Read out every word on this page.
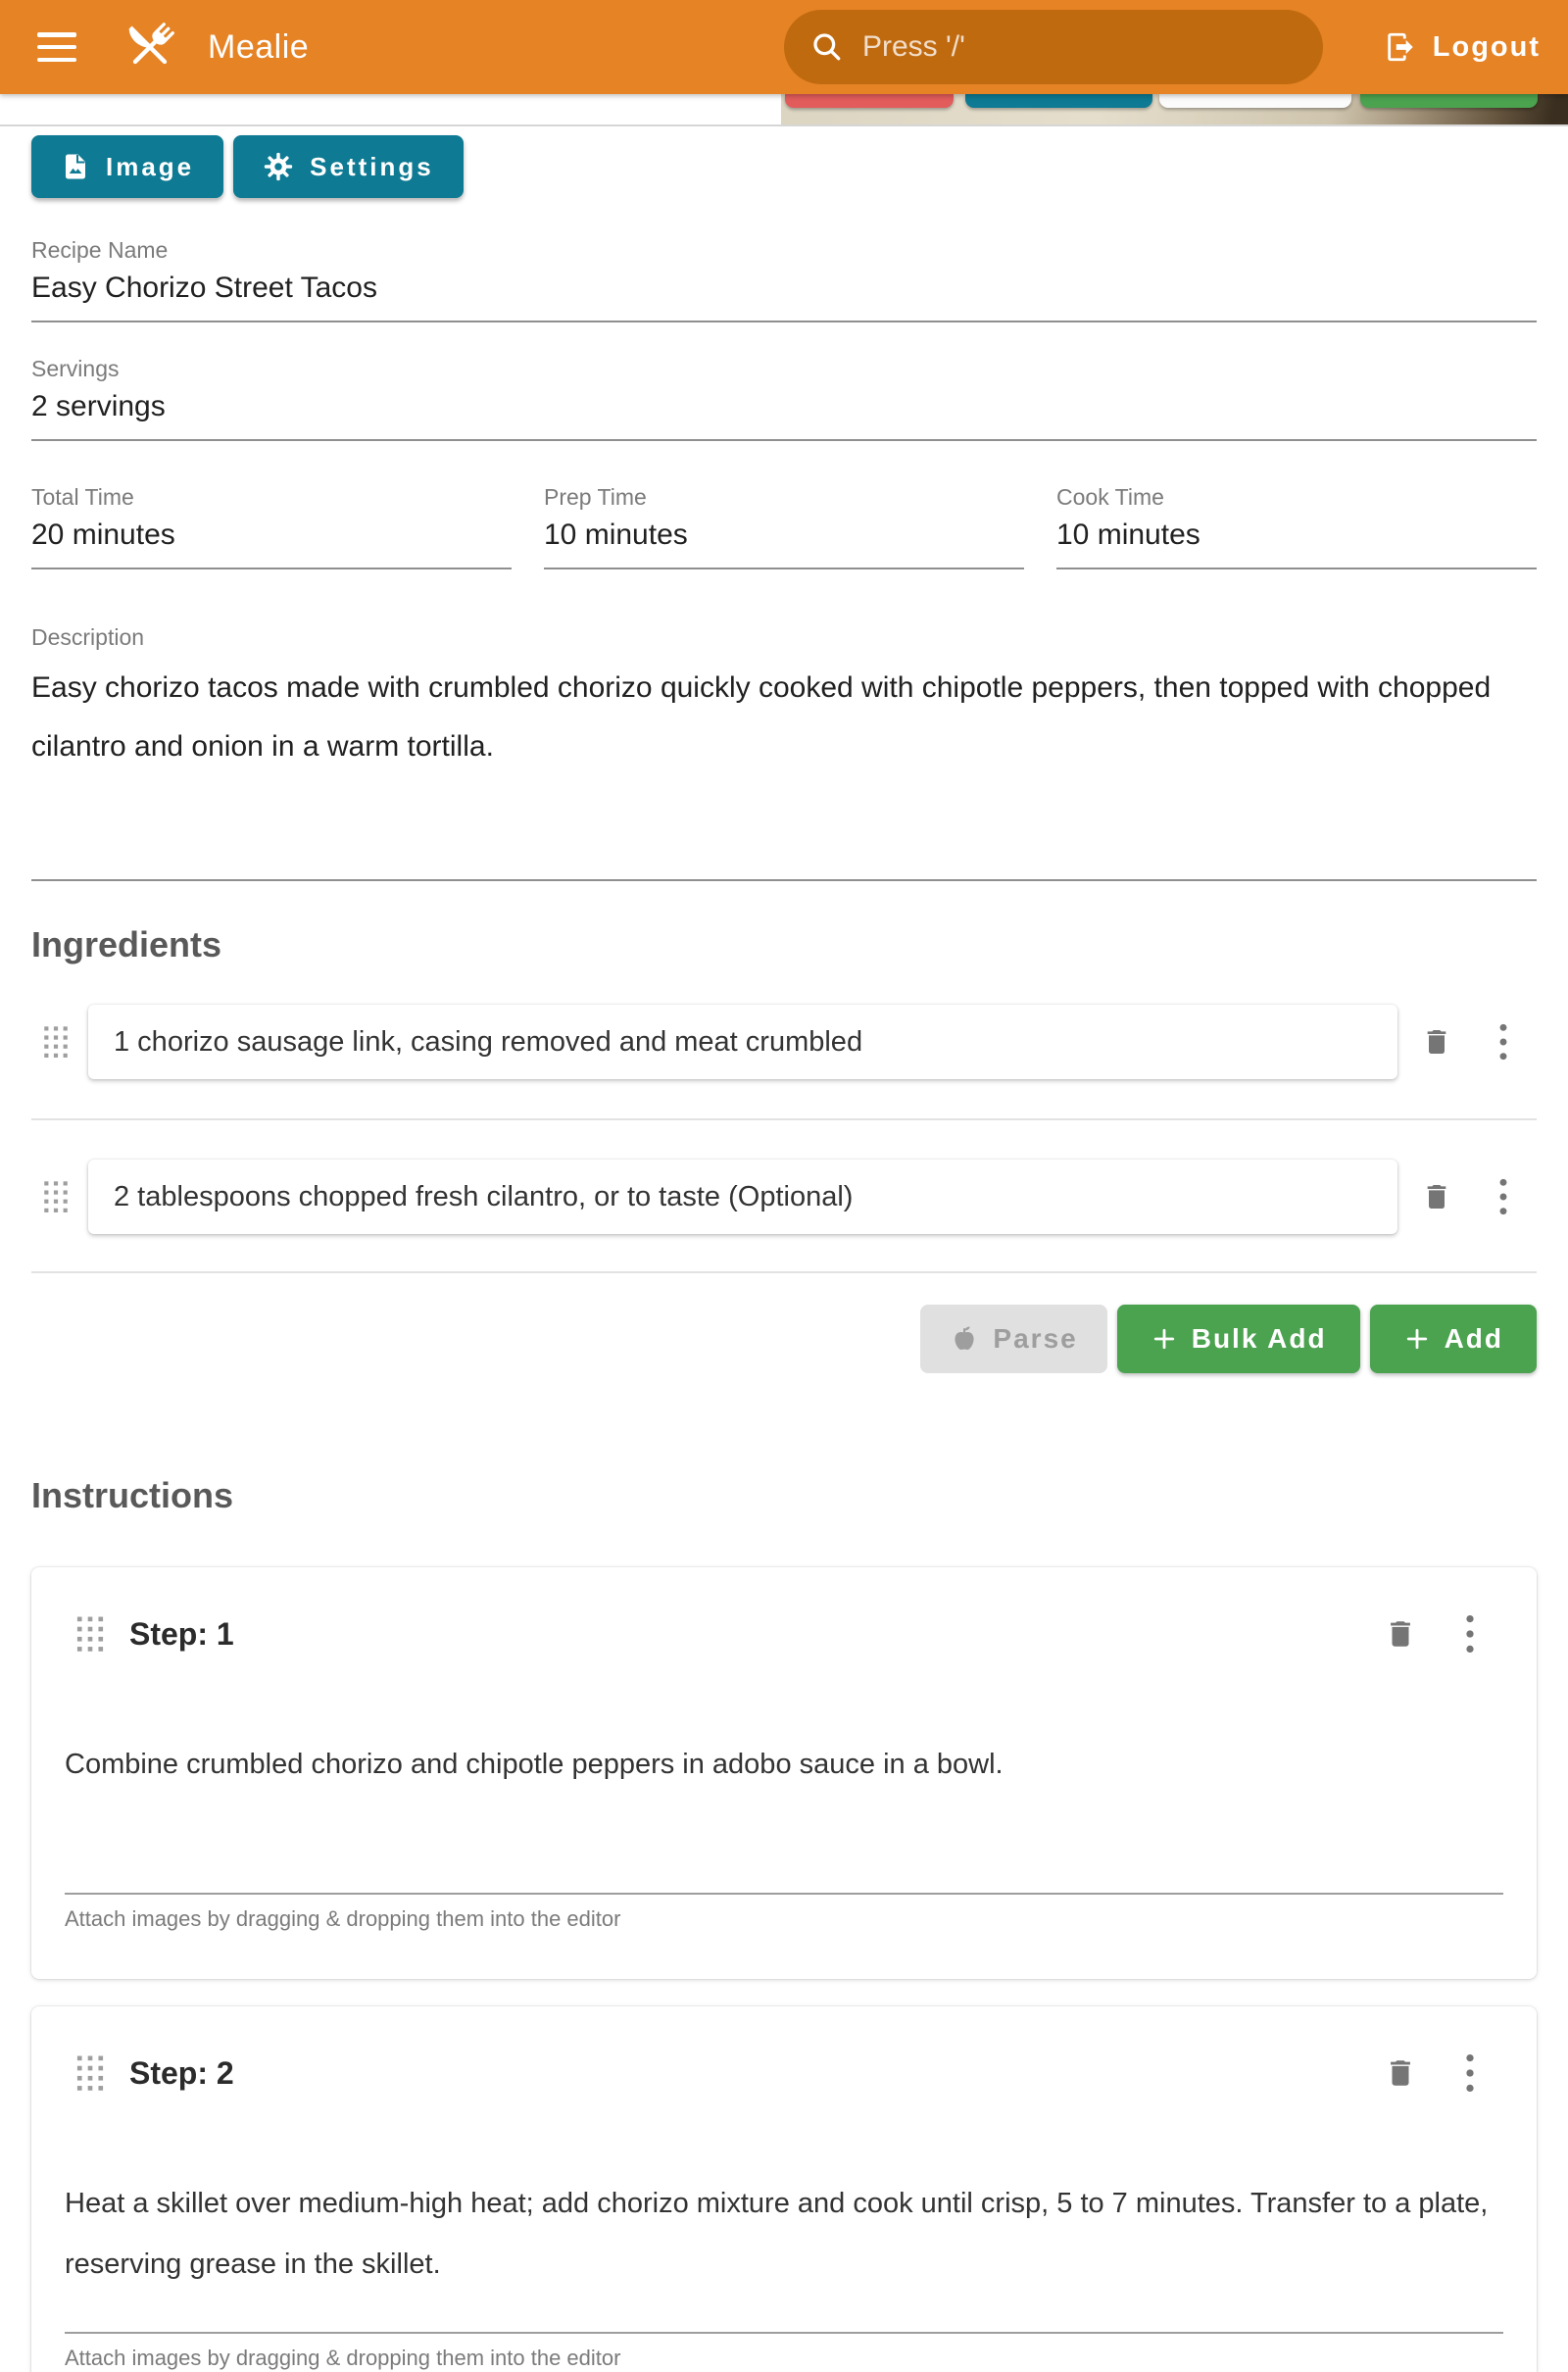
Mealie
Press '/'	Logout
Image	Settings
Recipe Name
Easy Chorizo Street Tacos
Servings
2 servings
Total Time
20 minutes
Prep Time
10 minutes
Cook Time
10 minutes
Description
Easy chorizo tacos made with crumbled chorizo quickly cooked with chipotle peppers, then topped with chopped cilantro and onion in a warm tortilla.
Ingredients
1 chorizo sausage link, casing removed and meat crumbled
2 tablespoons chopped fresh cilantro, or to taste (Optional)
Parse	Bulk Add	Add
Instructions
Step: 1
Combine crumbled chorizo and chipotle peppers in adobo sauce in a bowl.
Attach images by dragging & dropping them into the editor
Step: 2
Heat a skillet over medium-high heat; add chorizo mixture and cook until crisp, 5 to 7 minutes. Transfer to a plate, reserving grease in the skillet.
Attach images by dragging & dropping them into the editor
